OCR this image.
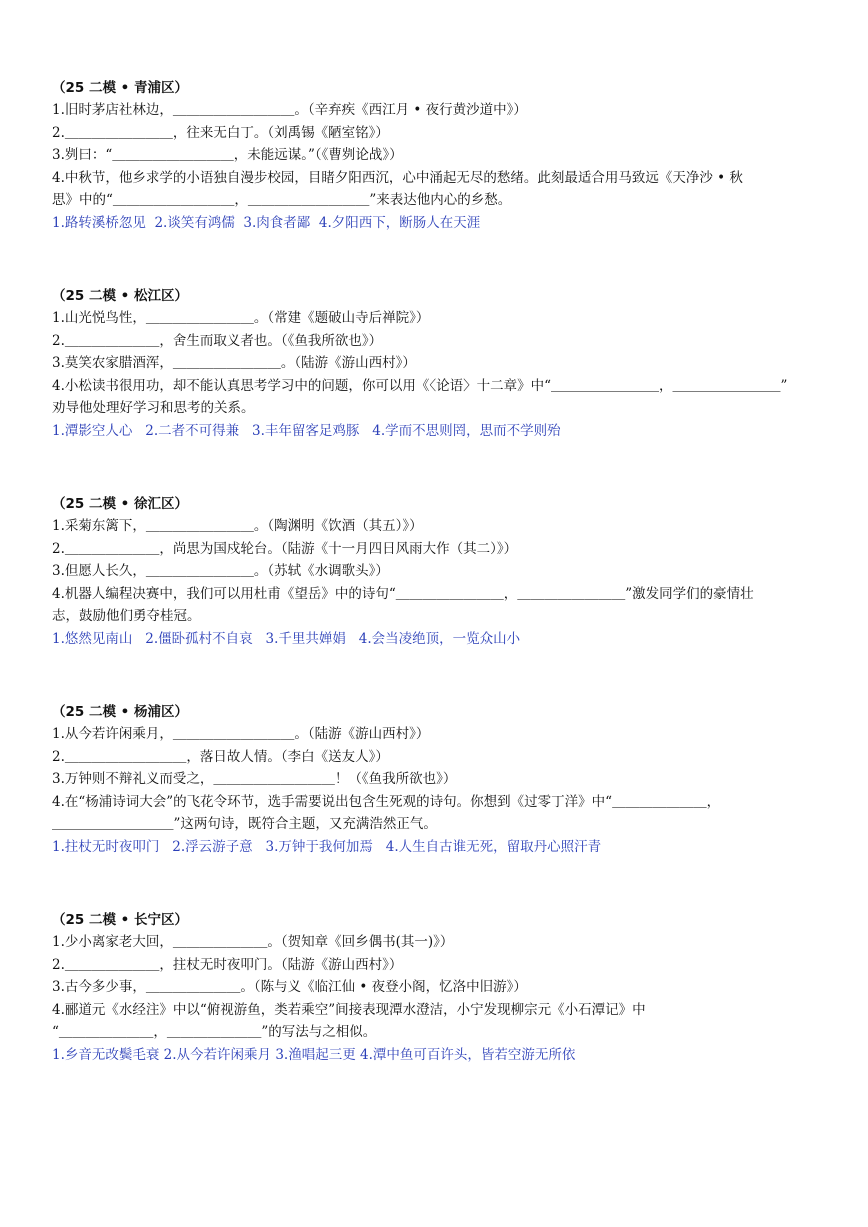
（25 二模 • 青浦区）
1.旧时茅店社林边，＿＿＿＿＿＿＿＿＿。（辛弃疾《西江月 • 夜行黄沙道中》）
2.＿＿＿＿＿＿＿＿，往来无白丁。（刘禹锡《陋室铭》）
3.刿曰：“＿＿＿＿＿＿＿＿＿，未能远谋。”（《曹刿论战》）
4.中秋节，他乡求学的小语独自漫步校园，目睹夕阳西沉，心中涌起无尽的愁绪。此刻最适合用马致远《天净沙 • 秋
思》中的“＿＿＿＿＿＿＿＿＿，＿＿＿＿＿＿＿＿＿”来表达他内心的乡愁。
1.路转溪桥忽见  2.谈笑有鸿儒  3.肉食者鄙  4.夕阳西下，断肠人在天涯
（25 二模 • 松江区）
1.山光悦鸟性，＿＿＿＿＿＿＿＿。（常建《题破山寺后禅院》）
2.＿＿＿＿＿＿＿，舍生而取义者也。（《鱼我所欲也》）
3.莫笑农家腊酒浑，＿＿＿＿＿＿＿＿。（陆游《游山西村》）
4.小松读书很用功，却不能认真思考学习中的问题，你可以用《〈论语〉十二章》中“＿＿＿＿＿＿＿＿，＿＿＿＿＿＿＿＿”
劝导他处理好学习和思考的关系。
1.潭影空人心   2.二者不可得兼   3.丰年留客足鸡豚   4.学而不思则罔，思而不学则殆
（25 二模 • 徐汇区）
1.采菊东篱下，＿＿＿＿＿＿＿＿。（陶渊明《饮酒（其五）》）
2.＿＿＿＿＿＿＿，尚思为国戍轮台。（陆游《十一月四日风雨大作（其二）》）
3.但愿人长久，＿＿＿＿＿＿＿＿。（苏轼《水调歌头》）
4.机器人编程决赛中，我们可以用杜甫《望岳》中的诗句“＿＿＿＿＿＿＿＿，＿＿＿＿＿＿＿＿”激发同学们的豪情壮
志，鼓励他们勇夺桂冠。
1.悠然见南山   2.僵卧孤村不自哀   3.千里共婵娟   4.会当凌绝顶，一览众山小
（25 二模 • 杨浦区）
1.从今若许闲乘月，＿＿＿＿＿＿＿＿＿。（陆游《游山西村》）
2.＿＿＿＿＿＿＿＿＿，落日故人情。（李白《送友人》）
3.万钟则不辩礼义而受之，＿＿＿＿＿＿＿＿＿！（《鱼我所欲也》）
4.在“杨浦诗词大会”的飞花令环节，选手需要说出包含生死观的诗句。你想到《过零丁洋》中“＿＿＿＿＿＿＿，
＿＿＿＿＿＿＿＿＿”这两句诗，既符合主题，又充满浩然正气。
1.拄杖无时夜叩门   2.浮云游子意   3.万钟于我何加焉   4.人生自古谁无死，留取丹心照汗青
（25 二模 • 长宁区）
1.少小离家老大回，＿＿＿＿＿＿＿。（贺知章《回乡偶书(其一)》）
2.＿＿＿＿＿＿＿，拄杖无时夜叩门。（陆游《游山西村》）
3.古今多少事，＿＿＿＿＿＿＿。（陈与义《临江仙 • 夜登小阁，忆洛中旧游》）
4.郦道元《水经注》中以“俯视游鱼，类若乘空”间接表现潭水澄洁，小宁发现柳宗元《小石潭记》中
“＿＿＿＿＿＿＿，＿＿＿＿＿＿＿”的写法与之相似。
1.乡音无改鬓毛衰 2.从今若许闲乘月 3.渔唱起三更 4.潭中鱼可百许头，皆若空游无所依
